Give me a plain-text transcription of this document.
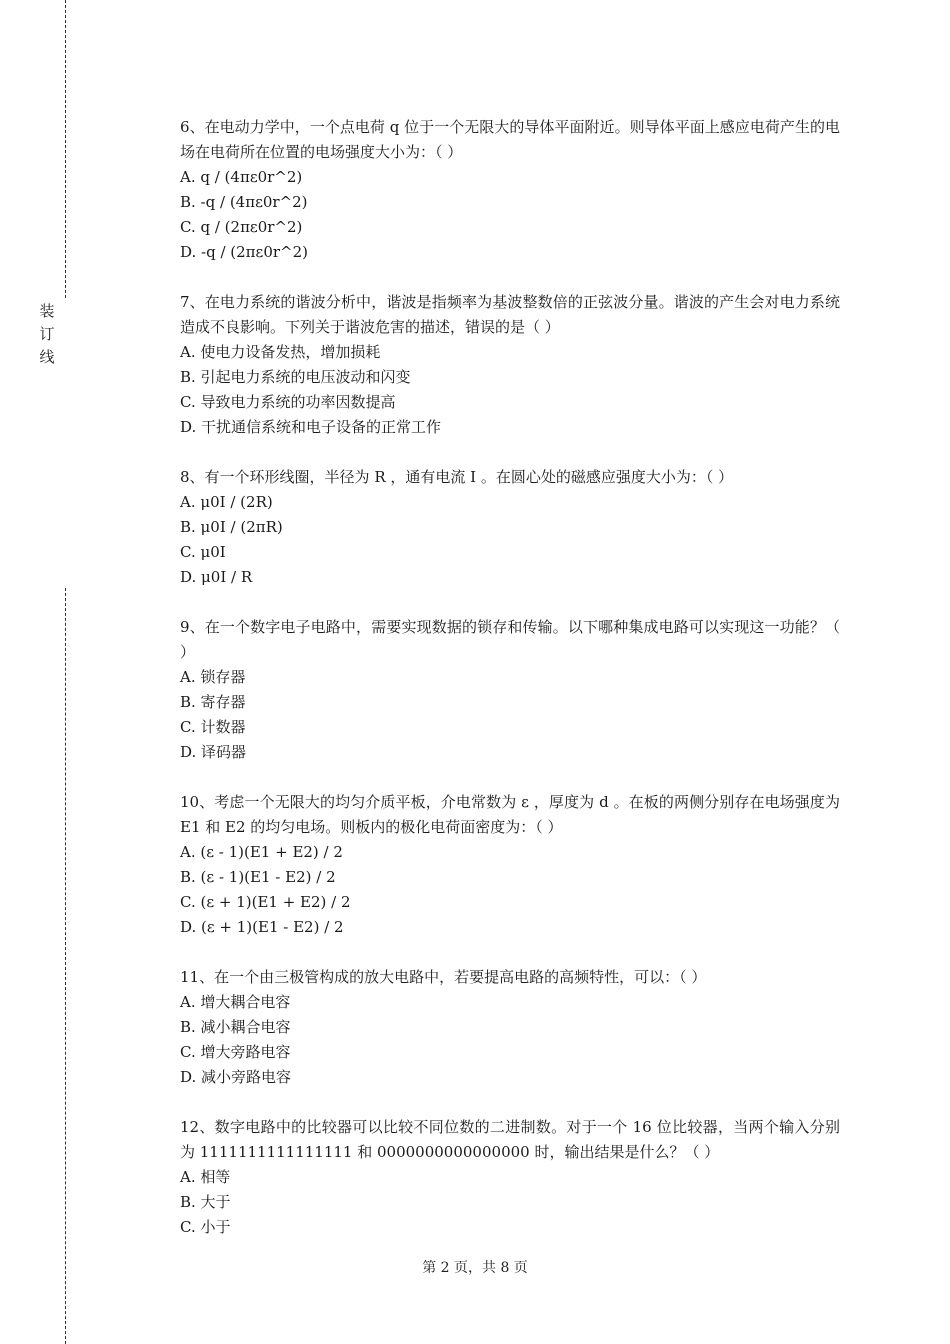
装
订
线
6、在电动力学中，一个点电荷 q 位于一个无限大的导体平面附近。则导体平面上感应电荷产生的电场在电荷所在位置的电场强度大小为：（ ）
A. q / (4πε0r^2)
B. -q / (4πε0r^2)
C. q / (2πε0r^2)
D. -q / (2πε0r^2)
7、在电力系统的谐波分析中，谐波是指频率为基波整数倍的正弦波分量。谐波的产生会对电力系统造成不良影响。下列关于谐波危害的描述，错误的是（ ）
A. 使电力设备发热，增加损耗
B. 引起电力系统的电压波动和闪变
C. 导致电力系统的功率因数提高
D. 干扰通信系统和电子设备的正常工作
8、有一个环形线圈，半径为 R ，通有电流 I 。在圆心处的磁感应强度大小为：（ ）
A. μ0I / (2R)
B. μ0I / (2πR)
C. μ0I
D. μ0I / R
9、在一个数字电子电路中，需要实现数据的锁存和传输。以下哪种集成电路可以实现这一功能？（ ）
A. 锁存器
B. 寄存器
C. 计数器
D. 译码器
10、考虑一个无限大的均匀介质平板，介电常数为 ε ，厚度为 d 。在板的两侧分别存在电场强度为 E1 和 E2 的均匀电场。则板内的极化电荷面密度为：（ ）
A. (ε - 1)(E1 + E2) / 2
B. (ε - 1)(E1 - E2) / 2
C. (ε + 1)(E1 + E2) / 2
D. (ε + 1)(E1 - E2) / 2
11、在一个由三极管构成的放大电路中，若要提高电路的高频特性，可以：（ ）
A. 增大耦合电容
B. 减小耦合电容
C. 增大旁路电容
D. 减小旁路电容
12、数字电路中的比较器可以比较不同位数的二进制数。对于一个 16 位比较器，当两个输入分别为 1111111111111111 和 0000000000000000 时，输出结果是什么？（ ）
A. 相等
B. 大于
C. 小于
第 2 页，共 8 页
